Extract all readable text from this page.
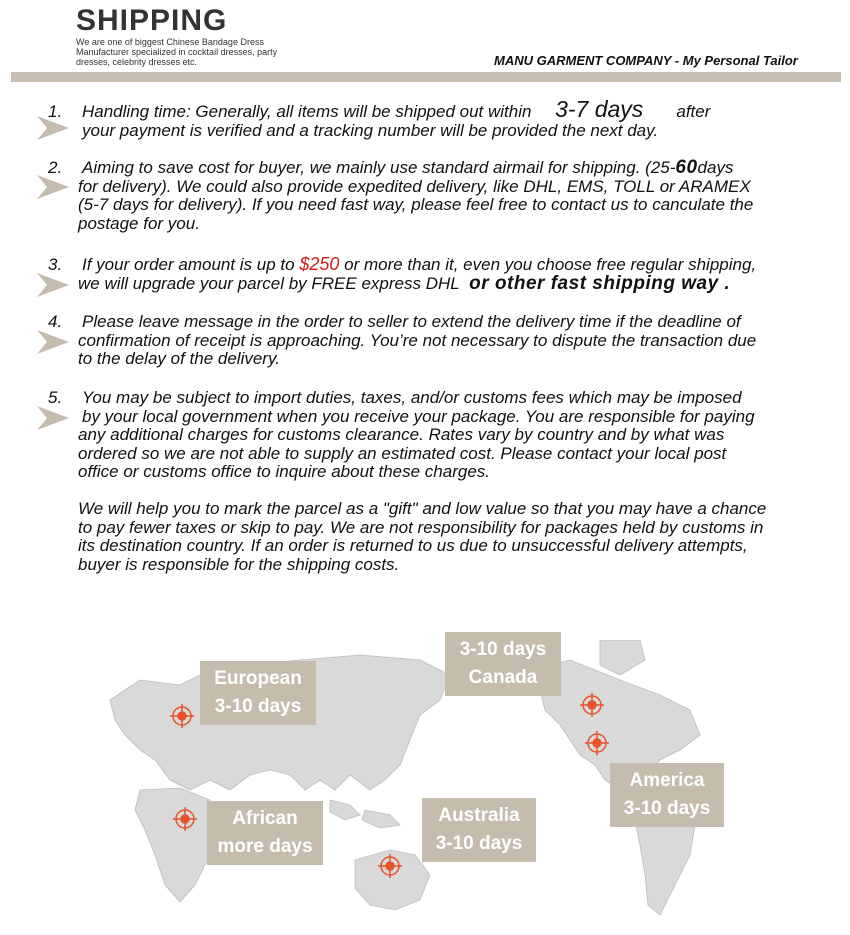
SHIPPING
We are one of biggest Chinese Bandage Dress Manufacturer specialized in cocktail dresses, party dresses, celebrity dresses etc.	MANU GARMENT COMPANY - My Personal Tailor
1. Handling time: Generally, all items will be shipped out within 3-7 days after
your payment is verified and a tracking number will be provided the next day.
2. Aiming to save cost for buyer, we mainly use standard airmail for shipping. (25-60days
for delivery). We could also provide expedited delivery, like DHL, EMS, TOLL or ARAMEX
(5-7 days for delivery). If you need fast way, please feel free to contact us to canculate the
postage for you.
3. If your order amount is up to $250 or more than it, even you choose free regular shipping,
we will upgrade your parcel by FREE express DHL or other fast shipping way .
4. Please leave message in the order to seller to extend the delivery time if the deadline of
confirmation of receipt is approaching. You’re not necessary to dispute the transaction due
to the delay of the delivery.
5. You may be subject to import duties, taxes, and/or customs fees which may be imposed
by your local government when you receive your package. You are responsible for paying
any additional charges for customs clearance. Rates vary by country and by what was
ordered so we are not able to supply an estimated cost. Please contact your local post
office or customs office to inquire about these charges.
We will help you to mark the parcel as a "gift" and low value so that you may have a chance
to pay fewer taxes or skip to pay. We are not responsibility for packages held by customs in
its destination country. If an order is returned to us due to unsuccessful delivery attempts,
buyer is responsible for the shipping costs.
European
3-10 days
3-10 days
Canada
America
3-10 days
African
more days
Australia
3-10 days
